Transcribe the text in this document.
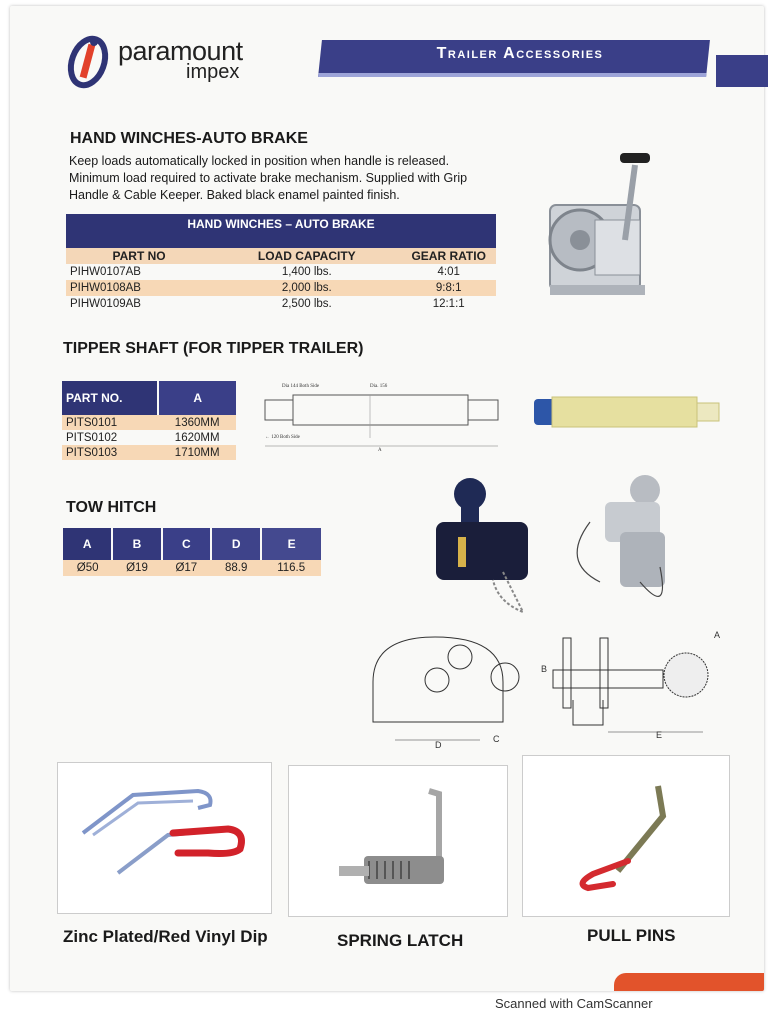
paramount
impex
Trailer Accessories
HAND WINCHES-AUTO BRAKE
Keep loads automatically locked in position when handle is released. Minimum load required to activate brake mechanism. Supplied with Grip Handle & Cable Keeper. Baked black enamel painted finish.
HAND WINCHES – AUTO BRAKE		

PART NO	LOAD CAPACITY	GEAR RATIO
PIHW0107AB	1,400 lbs.	4:01
PIHW0108AB	2,000 lbs.	9:8:1
PIHW0109AB	2,500 lbs.	12:1:1
TIPPER SHAFT (FOR TIPPER TRAILER)
PART NO.	A
PITS0101	1360MM
PITS0102	1620MM
PITS0103	1710MM
Dia 144 Both Side	Dia. 156
← 120 Both Side
A
TOW HITCH
A	B	C	D	E
Ø50	Ø19	Ø17	88.9	116.5
D
C
B
E
A
Zinc Plated/Red Vinyl Dip	SPRING LATCH	PULL PINS
Scanned with CamScanner
